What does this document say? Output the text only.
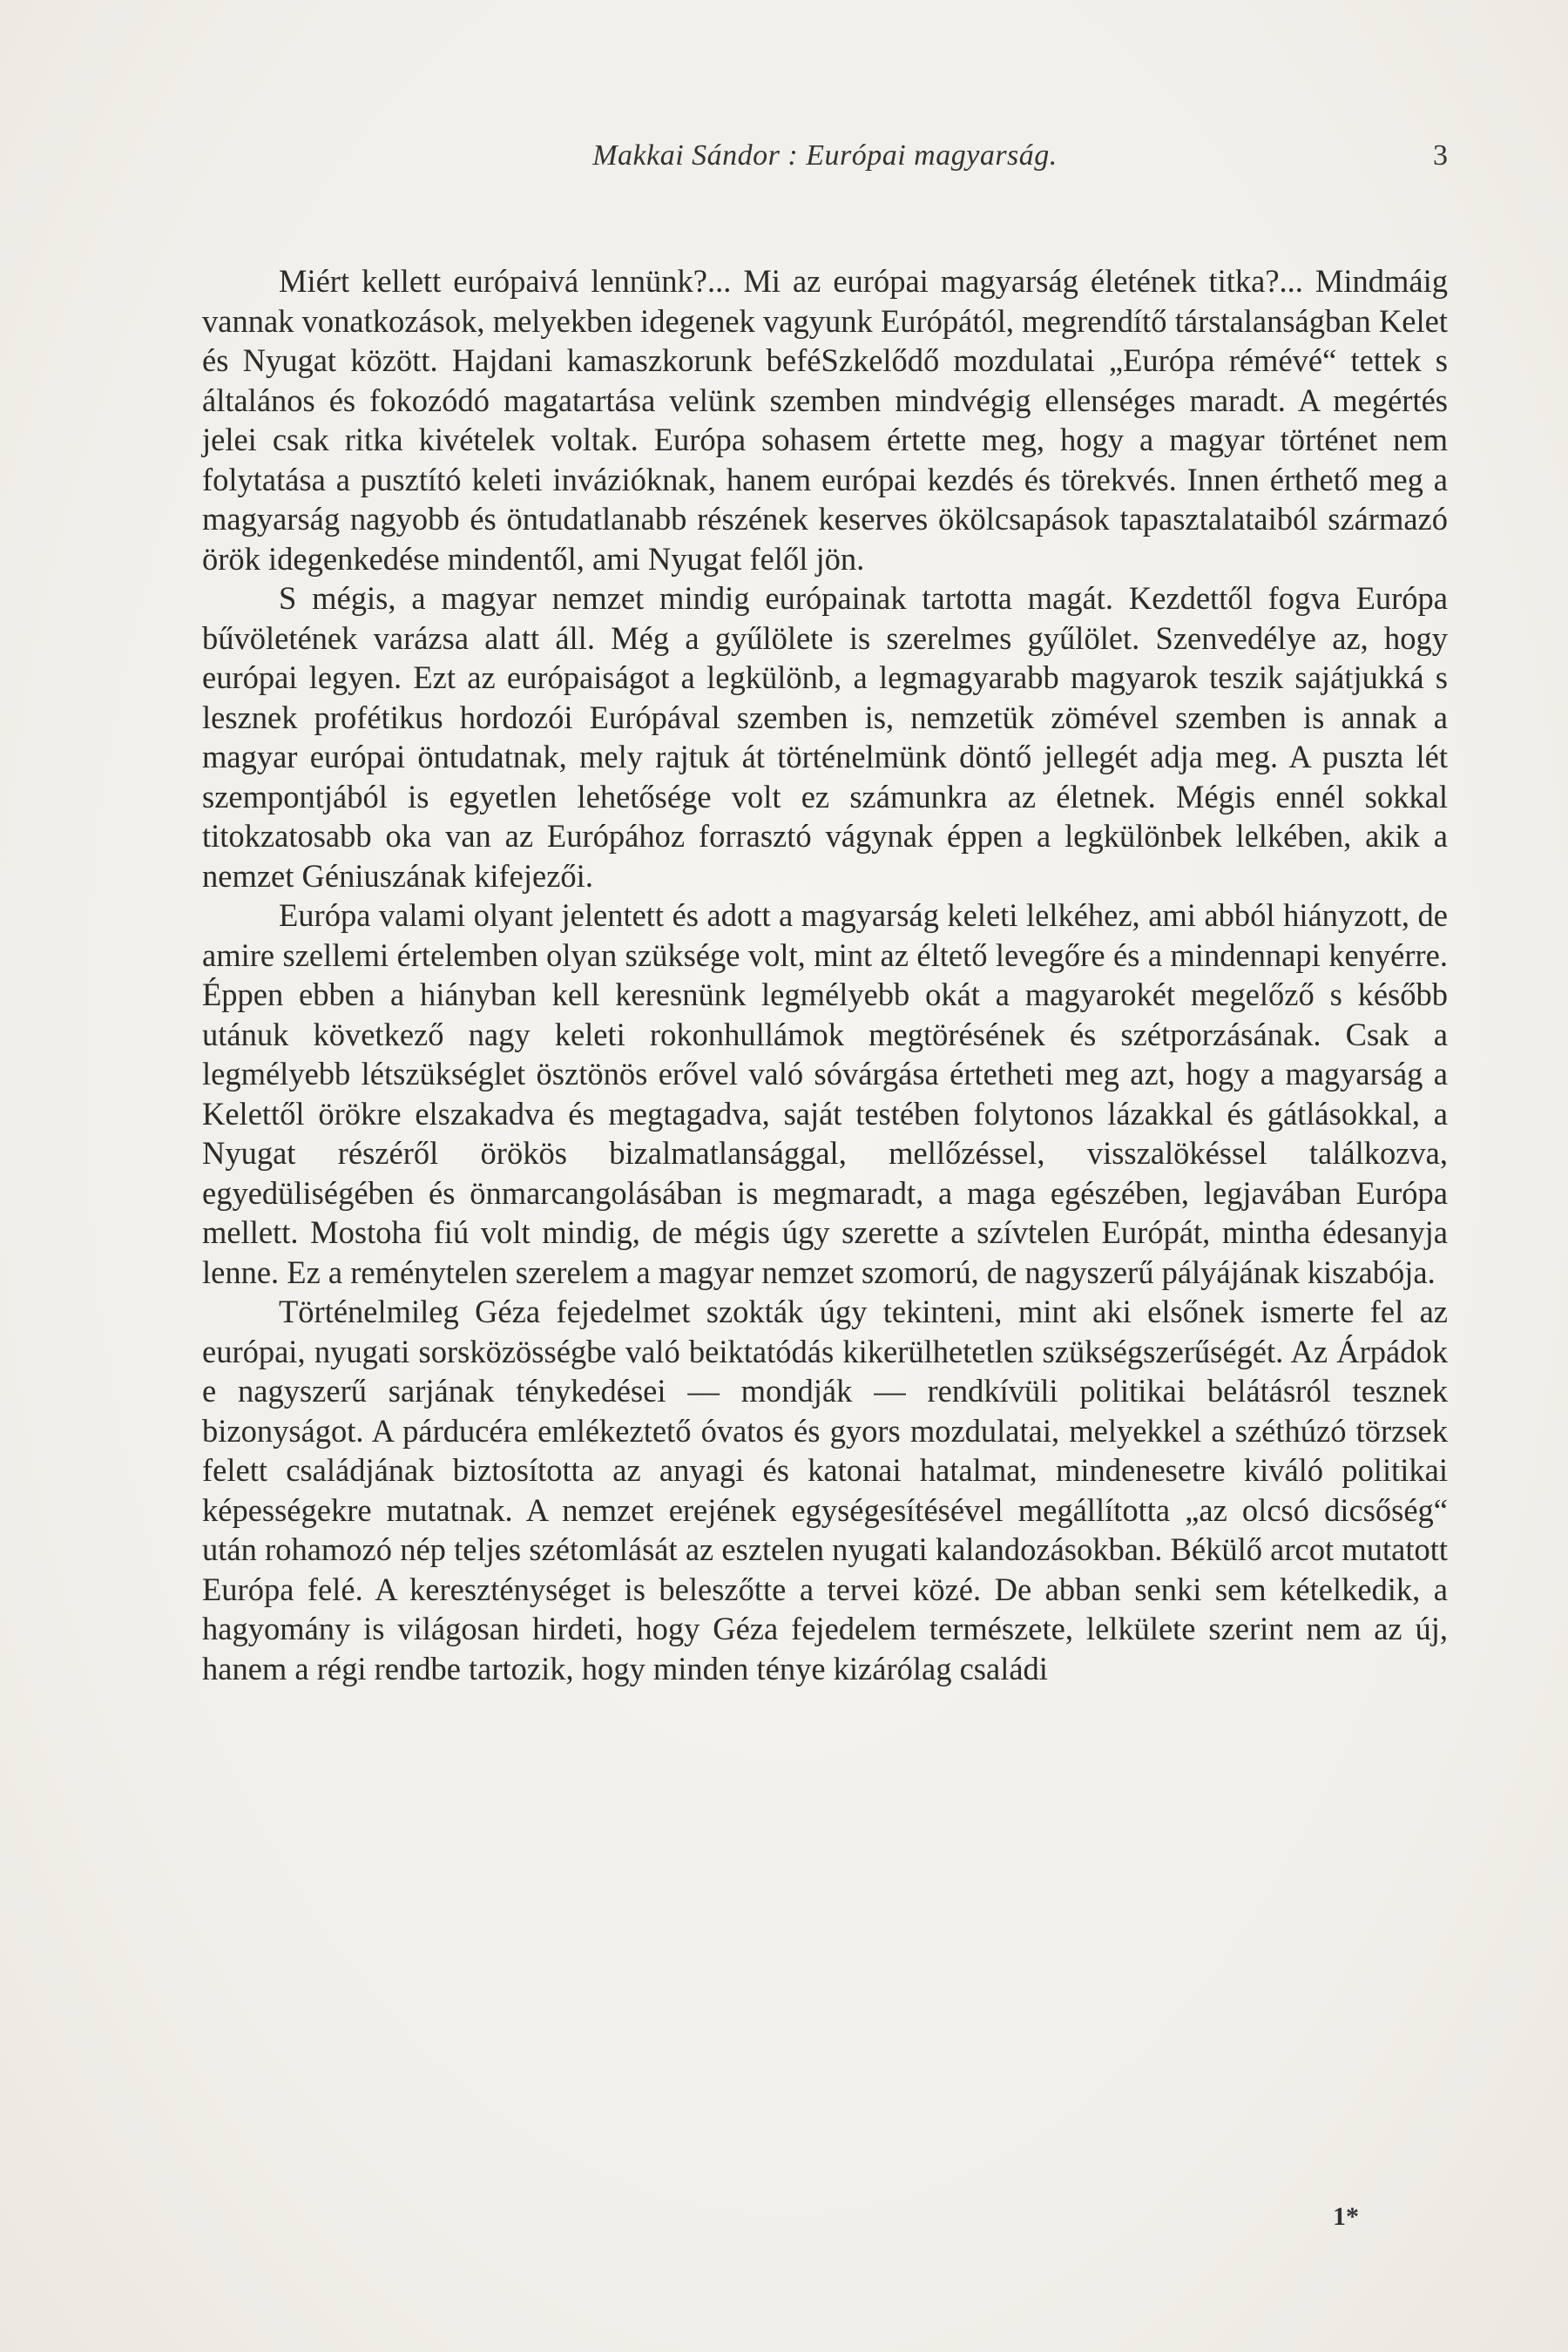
Makkai Sándor : Európai magyarság.	3

Miért kellett európaivá lennünk?... Mi az európai magyarság életének titka?... Mindmáig vannak vonatkozások, melyekben idegenek vagyunk Európától, megrendítő társtalanságban Kelet és Nyugat között. Hajdani kamaszkorunk beféSzkelődő mozdulatai „Európa rémévé“ tettek s általános és fokozódó magatartása velünk szemben mindvégig ellenséges maradt. A megértés jelei csak ritka kivételek voltak. Európa sohasem értette meg, hogy a magyar történet nem folytatása a pusztító keleti invázióknak, hanem európai kezdés és törekvés. Innen érthető meg a magyarság nagyobb és öntudatlanabb részének keserves ökölcsapások tapasztalataiból származó örök idegenkedése mindentől, ami Nyugat felől jön.

S mégis, a magyar nemzet mindig európainak tartotta magát. Kezdettől fogva Európa bűvöletének varázsa alatt áll. Még a gyűlölete is szerelmes gyűlölet. Szenvedélye az, hogy európai legyen. Ezt az európaiságot a legkülönb, a legmagyarabb magyarok teszik sajátjukká s lesznek profétikus hordozói Európával szemben is, nemzetük zömével szemben is annak a magyar európai öntudatnak, mely rajtuk át történelmünk döntő jellegét adja meg. A puszta lét szempontjából is egyetlen lehetősége volt ez számunkra az életnek. Mégis ennél sokkal titokzatosabb oka van az Európához forrasztó vágynak éppen a legkülönbek lelkében, akik a nemzet Géniuszának kifejezői.

Európa valami olyant jelentett és adott a magyarság keleti lelkéhez, ami abból hiányzott, de amire szellemi értelemben olyan szüksége volt, mint az éltető levegőre és a mindennapi kenyérre. Éppen ebben a hiányban kell keresnünk legmélyebb okát a magyarokét megelőző s később utánuk következő nagy keleti rokonhullámok megtörésének és szétporzásának. Csak a legmélyebb létszükséglet ösztönös erővel való sóvárgása értetheti meg azt, hogy a magyarság a Kelettől örökre elszakadva és megtagadva, saját testében folytonos lázakkal és gátlásokkal, a Nyugat részéről örökös bizalmatlansággal, mellőzéssel, visszalökéssel találkozva, egyedüliségében és önmarcangolásában is megmaradt, a maga egészében, legjavában Európa mellett. Mostoha fiú volt mindig, de mégis úgy szerette a szívtelen Európát, mintha édesanyja lenne. Ez a reménytelen szerelem a magyar nemzet szomorú, de nagyszerű pályájának kiszabója.

Történelmileg Géza fejedelmet szokták úgy tekinteni, mint aki elsőnek ismerte fel az európai, nyugati sorsközösségbe való beiktatódás kikerülhetetlen szükségszerűségét. Az Árpádok e nagyszerű sarjának ténykedései — mondják — rendkívüli politikai belátásról tesznek bizonyságot. A párducéra emlékeztető óvatos és gyors mozdulatai, melyekkel a széthúzó törzsek felett családjának biztosította az anyagi és katonai hatalmat, mindenesetre kiváló politikai képességekre mutatnak. A nemzet erejének egységesítésével megállította „az olcsó dicsőség“ után rohamozó nép teljes szétomlását az esztelen nyugati kalandozásokban. Békülő arcot mutatott Európa felé. A kereszténységet is beleszőtte a tervei közé. De abban senki sem kételkedik, a hagyomány is világosan hirdeti, hogy Géza fejedelem természete, lelkülete szerint nem az új, hanem a régi rendbe tartozik, hogy minden ténye kizárólag családi

1*
